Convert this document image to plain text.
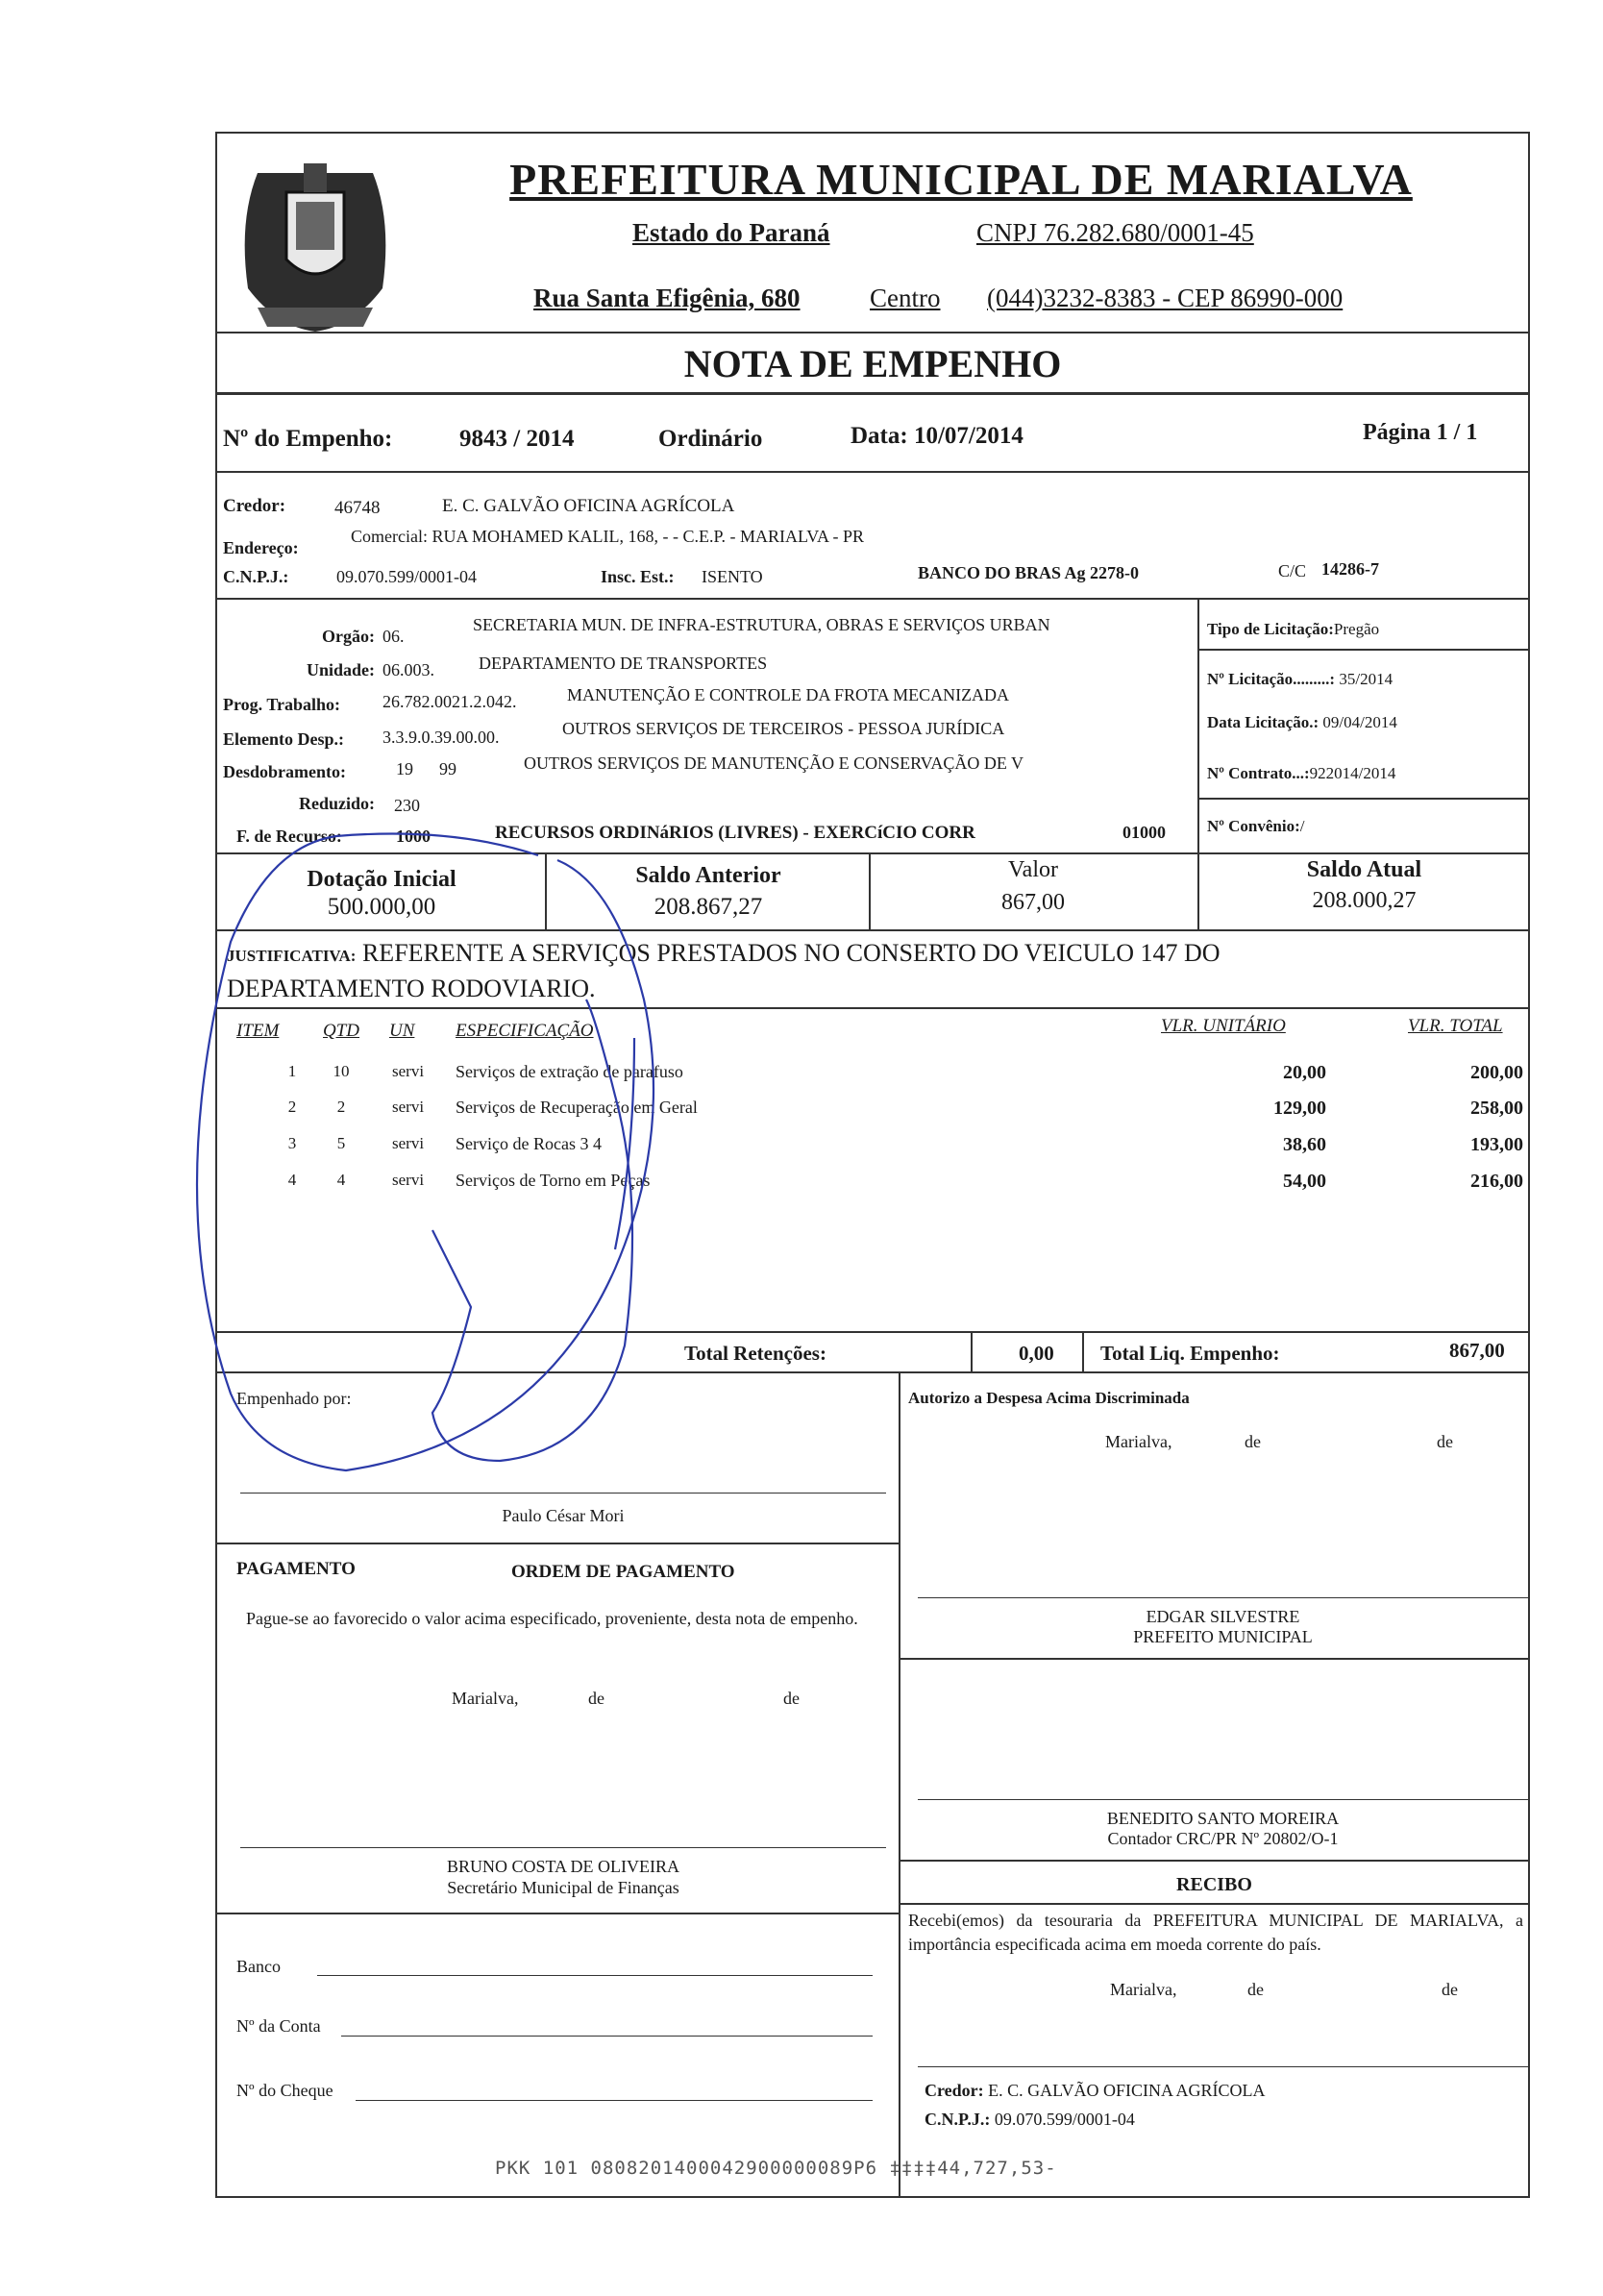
PREFEITURA MUNICIPAL DE MARIALVA
Estado do Paraná	CNPJ 76.282.680/0001-45
Rua Santa Efigênia, 680	Centro (044)3232-8383 - CEP 86990-000
NOTA DE EMPENHO
Nº do Empenho:	9843 / 2014	Ordinário	Data: 10/07/2014	Página 1 / 1
Credor:	46748	E. C. GALVÃO OFICINA AGRÍCOLA
Endereço:
Comercial: RUA MOHAMED KALIL, 168, - - C.E.P. - MARIALVA - PR
C.N.P.J.:	09.070.599/0001-04	Insc. Est.: ISENTO	BANCO DO BRAS Ag 2278-0	C/C 14286-7
Orgão: 06.
SECRETARIA MUN. DE INFRA-ESTRUTURA, OBRAS E SERVIÇOS URBAN
Unidade: 06.003.	DEPARTAMENTO DE TRANSPORTES
Prog. Trabalho: 26.782.0021.2.042.	MANUTENÇÃO E CONTROLE DA FROTA MECANIZADA
Elemento Desp.: 3.3.9.0.39.00.00.	OUTROS SERVIÇOS DE TERCEIROS - PESSOA JURÍDICA
Desdobramento:	19      99	OUTROS SERVIÇOS DE MANUTENÇÃO E CONSERVAÇÃO DE V
Reduzido: 230
F. de Recurso:	1000	RECURSOS ORDINáRIOS (LIVRES) - EXERCíCIO CORR	01000
Tipo de Licitação:Pregão
Nº Licitação.........: 35/2014
Data Licitação.: 09/04/2014
Nº Contrato...:922014/2014
Nº Convênio:/
Dotação Inicial
500.000,00
Saldo Anterior
208.867,27
Valor
867,00
Saldo Atual
208.000,27
JUSTIFICATIVA: REFERENTE A SERVIÇOS PRESTADOS NO CONSERTO DO VEICULO 147 DO
DEPARTAMENTO RODOVIARIO.
ITEM QTD UN ESPECIFICAÇÃO	VLR. UNITÁRIO	VLR. TOTAL
1	10	servi Serviços de extração de parafuso	20,00	200,00
2	2	servi Serviços de Recuperação em Geral	129,00	258,00
3	5	servi Serviço de Rocas 3 4	38,60	193,00
4	4	servi Serviços de Torno em Peças	54,00	216,00
Total Retenções:	0,00 Total Liq. Empenho:	867,00
Empenhado por:
Paulo César Mori
Autorizo a Despesa Acima Discriminada
Marialva,	de	de
EDGAR SILVESTRE
PREFEITO MUNICIPAL
PAGAMENTO	ORDEM DE PAGAMENTO
Pague-se ao favorecido o valor acima especificado, proveniente, desta nota de empenho.
Marialva,	de	de
BENEDITO SANTO MOREIRA
Contador CRC/PR Nº 20802/O-1
BRUNO COSTA DE OLIVEIRA
Secretário Municipal de Finanças
Banco
Nº da Conta
Nº do Cheque
RECIBO
Recebi(emos) da tesouraria da PREFEITURA MUNICIPAL DE MARIALVA, a importância especificada acima em moeda corrente do país.
Marialva,	de	de
Credor: E. C. GALVÃO OFICINA AGRÍCOLA
C.N.P.J.: 09.070.599/0001-04
PKK 101 0808201400042900000089P6 ‡‡‡‡44,727,53-
